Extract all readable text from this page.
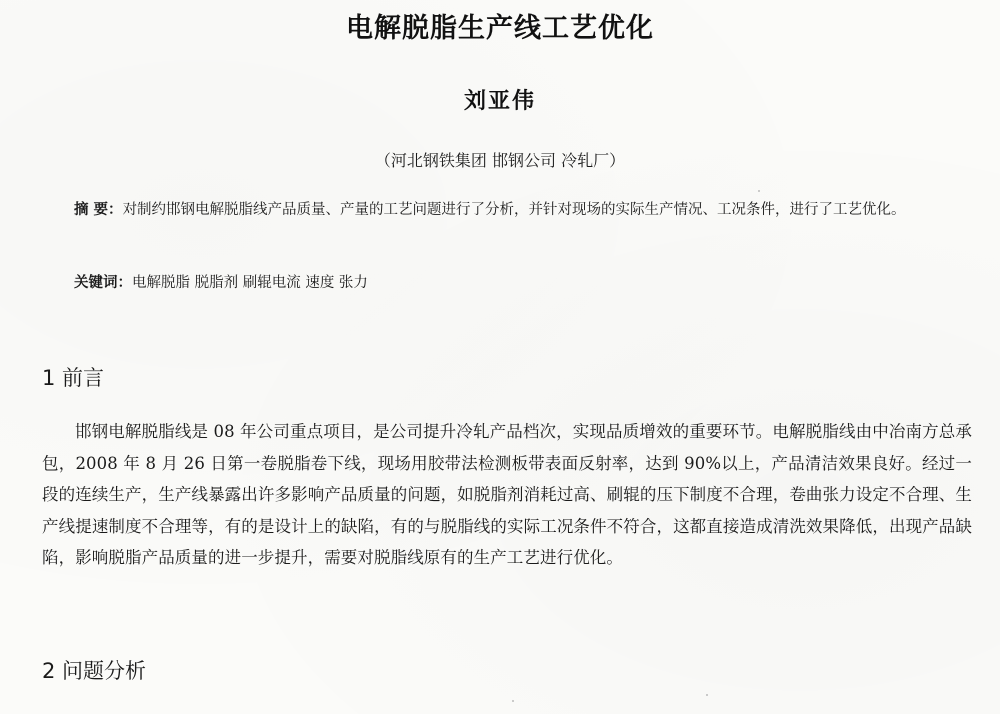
电解脱脂生产线工艺优化
刘亚伟
（河北钢铁集团 邯钢公司 冷轧厂）
摘 要：对制约邯钢电解脱脂线产品质量、产量的工艺问题进行了分析，并针对现场的实际生产情况、工况条件，进行了工艺优化。
关键词：电解脱脂 脱脂剂 刷辊电流 速度 张力
1 前言
邯钢电解脱脂线是 08 年公司重点项目，是公司提升冷轧产品档次，实现品质增效的重要环节。电解脱脂线由中冶南方总承包，2008 年 8 月 26 日第一卷脱脂卷下线，现场用胶带法检测板带表面反射率，达到 90%以上，产品清洁效果良好。经过一段的连续生产，生产线暴露出许多影响产品质量的问题，如脱脂剂消耗过高、刷辊的压下制度不合理，卷曲张力设定不合理、生产线提速制度不合理等，有的是设计上的缺陷，有的与脱脂线的实际工况条件不符合，这都直接造成清洗效果降低，出现产品缺陷，影响脱脂产品质量的进一步提升，需要对脱脂线原有的生产工艺进行优化。
2 问题分析
